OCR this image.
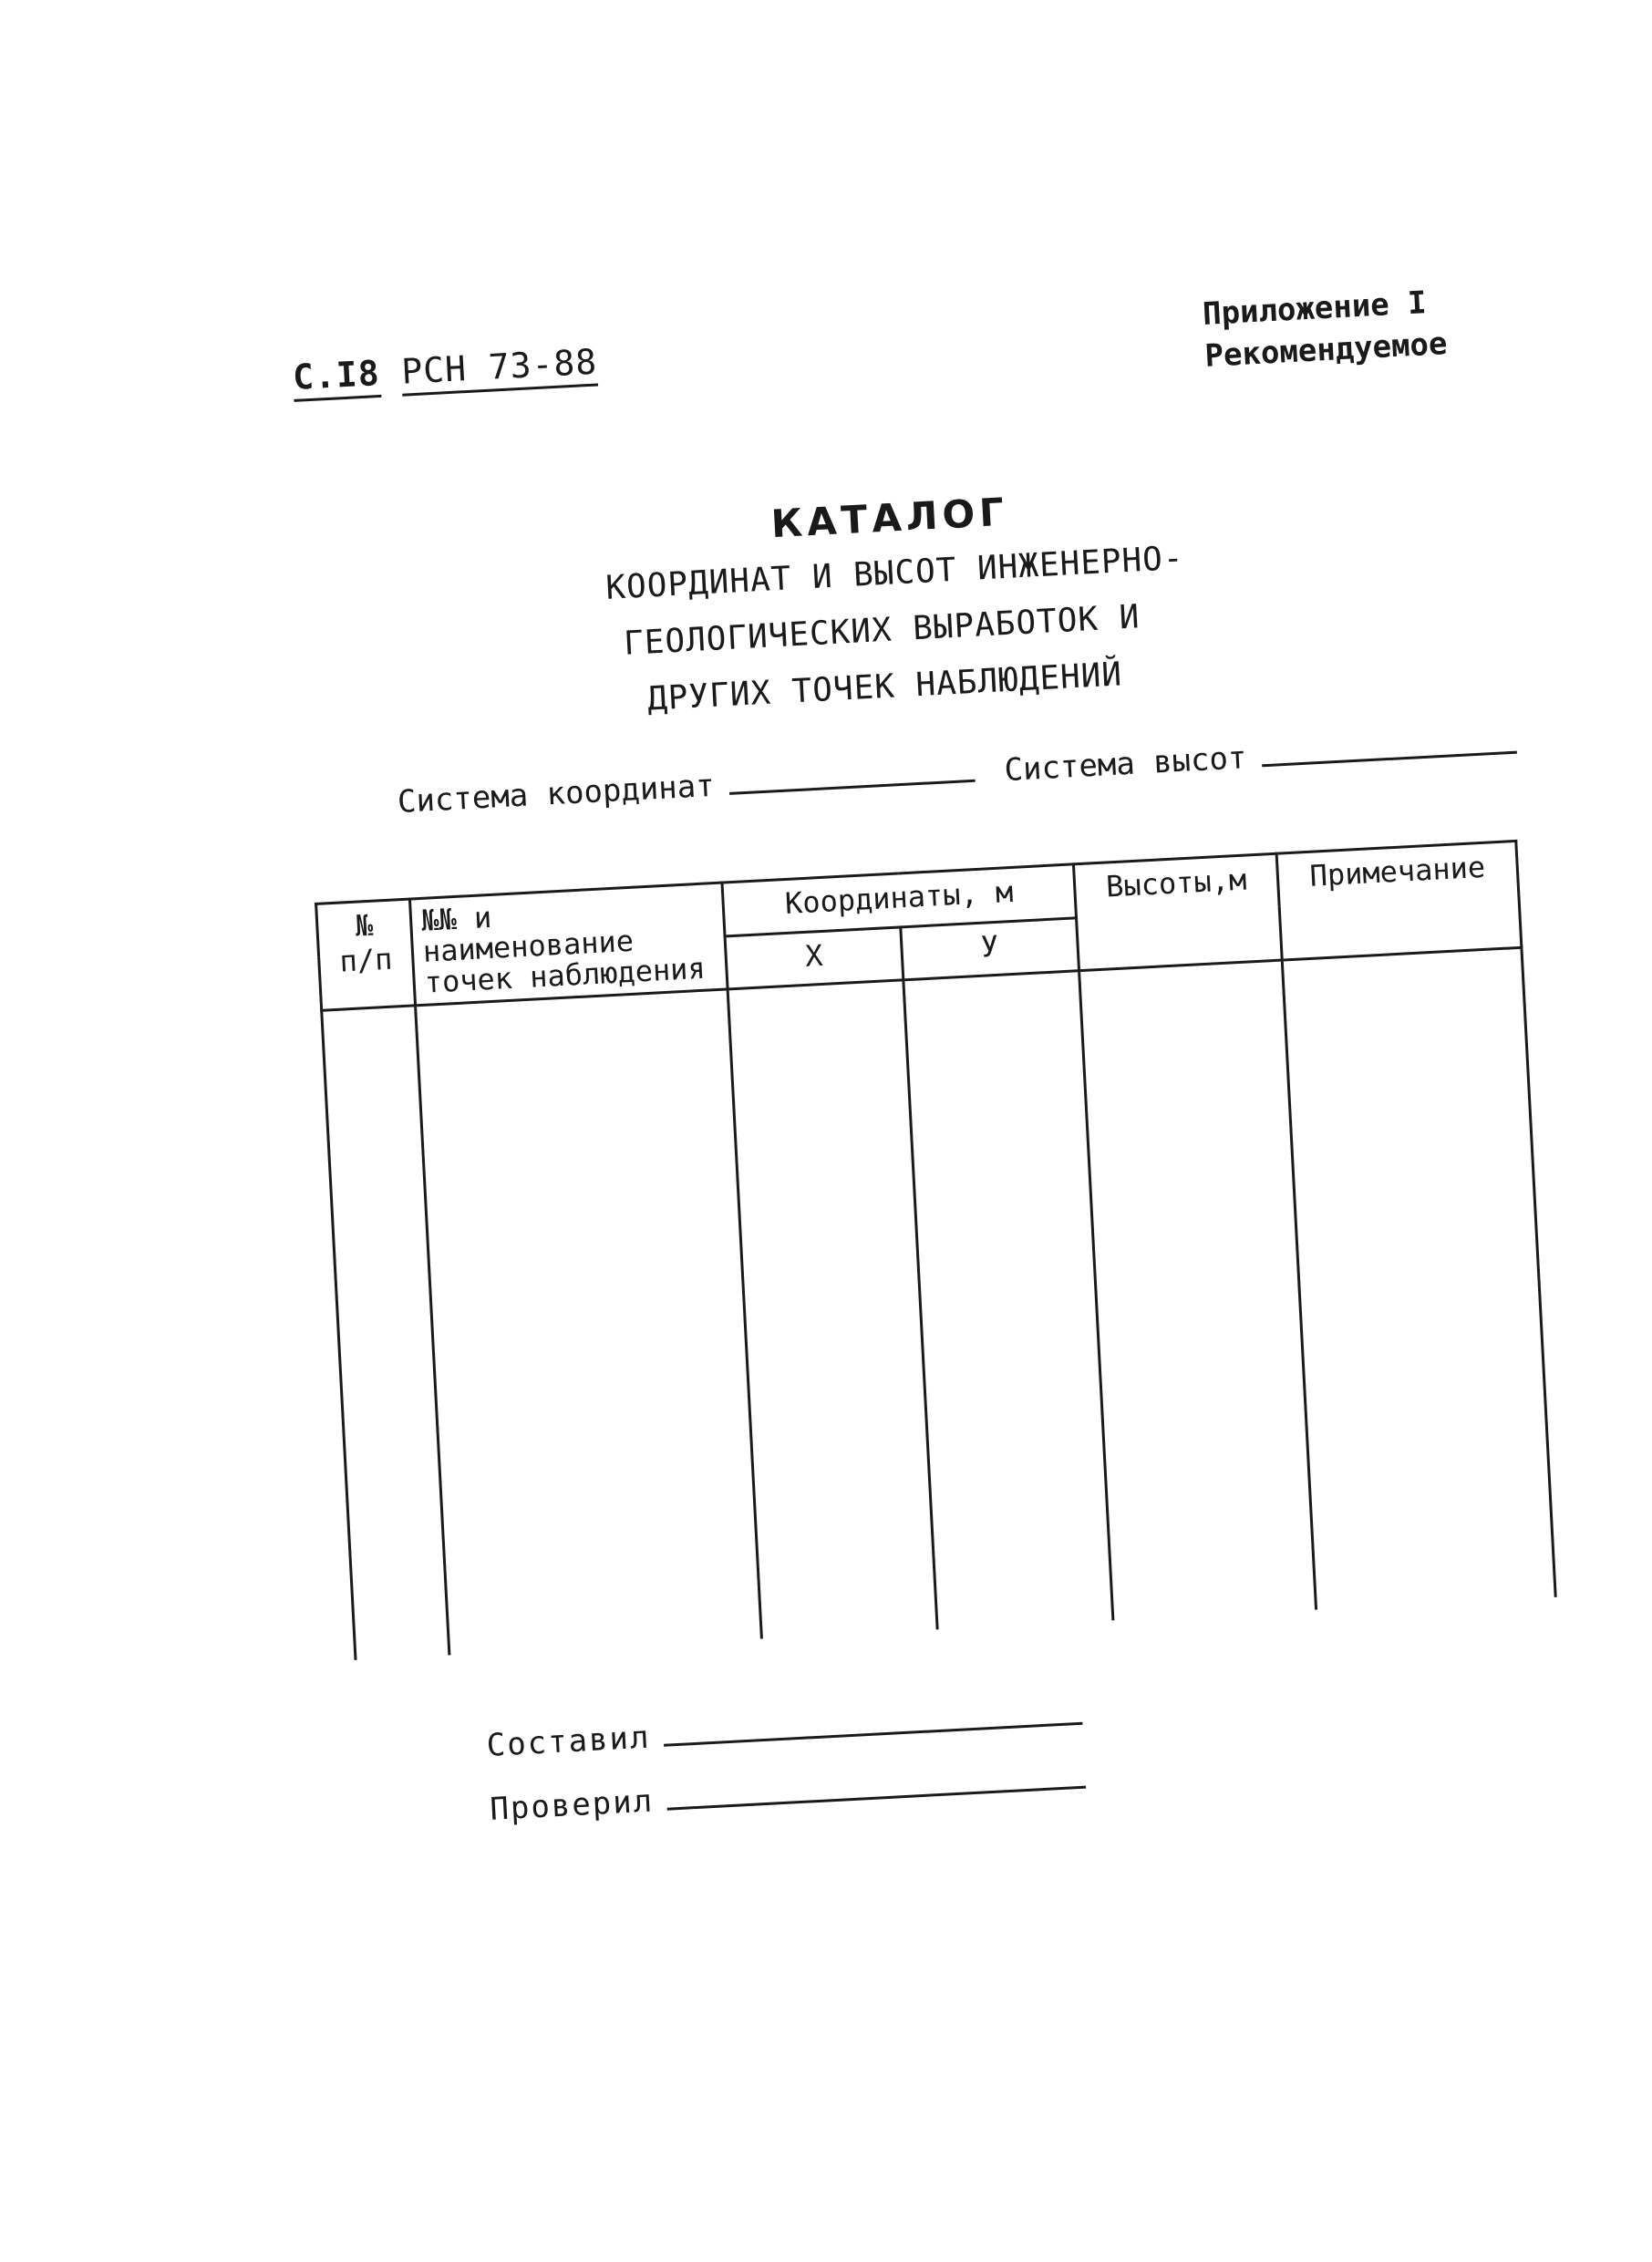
С.I8 РСН 73-88
Приложение I
Рекомендуемое
КАТАЛОГ
КООРДИНАТ И ВЫСОТ ИНЖЕНЕРНО-
ГЕОЛОГИЧЕСКИХ ВЫРАБОТОК И
ДРУГИХ ТОЧЕК НАБЛЮДЕНИЙ
Система координат Система высот
№
п/п	№№ и наименование точек наблюдения	Координаты, м		Высоты,м	Примечание
		Х	У		

Составил
Проверил
